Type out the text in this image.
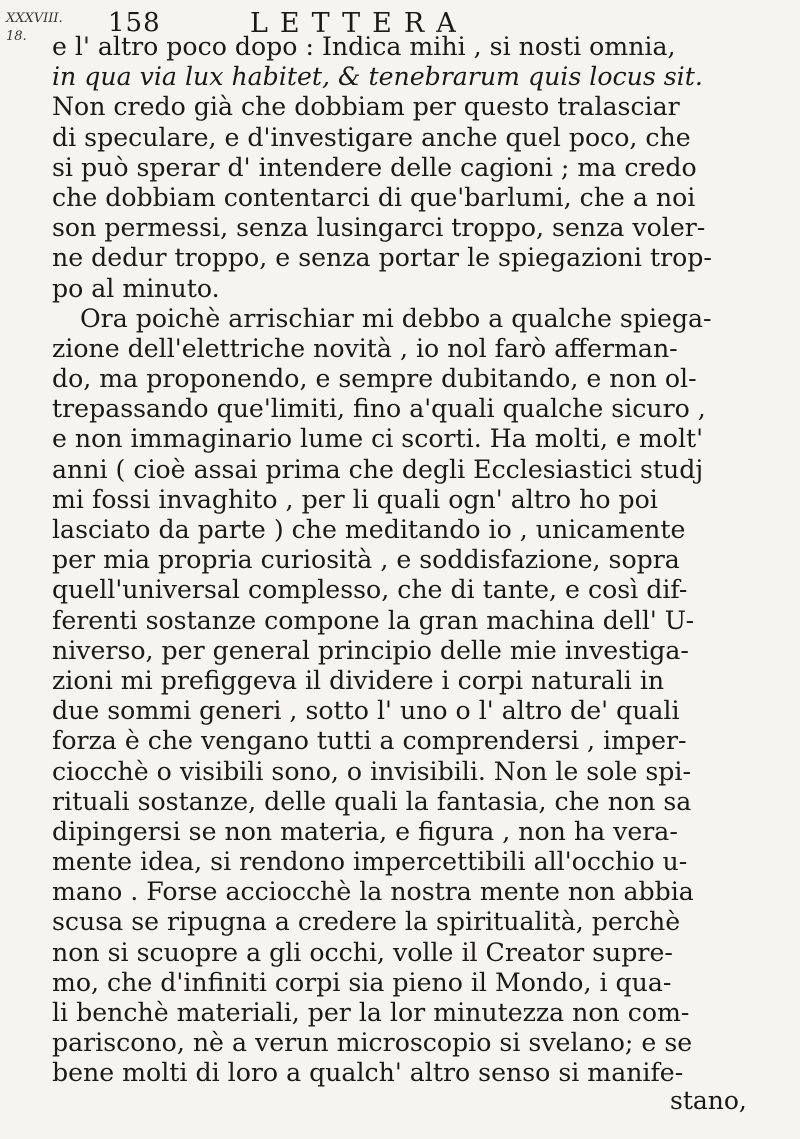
XXXVIII.
18.	158	LETTERA
e l' altro poco dopo : Indica mihi , si nosti omnia,
in qua via lux habitet, & tenebrarum quis locus sit.
Non credo già che dobbiam per questo tralasciar
di speculare, e d'investigare anche quel poco, che
si può sperar d' intendere delle cagioni ; ma credo
che dobbiam contentarci di que'barlumi, che a noi
son permessi, senza lusingarci troppo, senza voler-
ne dedur troppo, e senza portar le spiegazioni trop-
po al minuto.
Ora poichè arrischiar mi debbo a qualche spiega-
zione dell'elettriche novità , io nol farò afferman-
do, ma proponendo, e sempre dubitando, e non ol-
trepassando que'limiti, fino a'quali qualche sicuro ,
e non immaginario lume ci scorti. Ha molti, e molt'
anni ( cioè assai prima che degli Ecclesiastici studj
mi fossi invaghito , per li quali ogn' altro ho poi
lasciato da parte ) che meditando io , unicamente
per mia propria curiosità , e soddisfazione, sopra
quell'universal complesso, che di tante, e così dif-
ferenti sostanze compone la gran machina dell' U-
niverso, per general principio delle mie investiga-
zioni mi prefiggeva il dividere i corpi naturali in
due sommi generi , sotto l' uno o l' altro de' quali
forza è che vengano tutti a comprendersi , imper-
ciocchè o visibili sono, o invisibili. Non le sole spi-
rituali sostanze, delle quali la fantasia, che non sa
dipingersi se non materia, e figura , non ha vera-
mente idea, si rendono impercettibili all'occhio u-
mano . Forse acciocchè la nostra mente non abbia
scusa se ripugna a credere la spiritualità, perchè
non si scuopre a gli occhi, volle il Creator supre-
mo, che d'infiniti corpi sia pieno il Mondo, i qua-
li benchè materiali, per la lor minutezza non com-
pariscono, nè a verun microscopio si svelano; e se
bene molti di loro a qualch' altro senso si manife-
stano,
